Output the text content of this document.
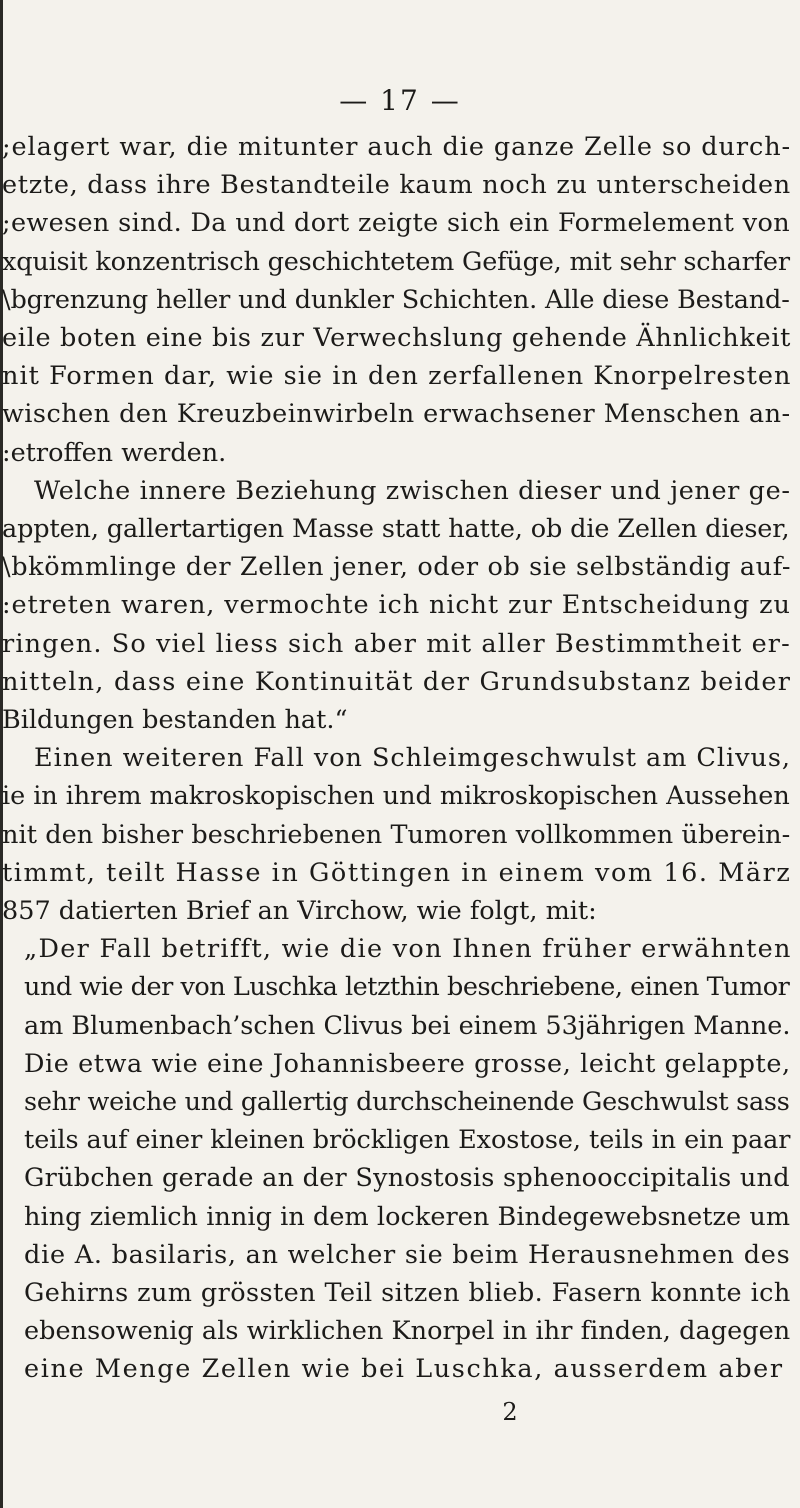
— 17 —
;elagert war, die mitunter auch die ganze Zelle so durch-
etzte, dass ihre Bestandteile kaum noch zu unterscheiden
;ewesen sind. Da und dort zeigte sich ein Formelement von
xquisit konzentrisch geschichtetem Gefüge, mit sehr scharfer
\bgrenzung heller und dunkler Schichten. Alle diese Bestand-
eile boten eine bis zur Verwechslung gehende Ähnlichkeit
nit Formen dar, wie sie in den zerfallenen Knorpelresten
wischen den Kreuzbeinwirbeln erwachsener Menschen an-
:etroffen werden.
Welche innere Beziehung zwischen dieser und jener ge-
appten, gallertartigen Masse statt hatte, ob die Zellen dieser,
\bkömmlinge der Zellen jener, oder ob sie selbständig auf-
:etreten waren, vermochte ich nicht zur Entscheidung zu
ringen. So viel liess sich aber mit aller Bestimmtheit er-
nitteln, dass eine Kontinuität der Grundsubstanz beider
Bildungen bestanden hat.“
Einen weiteren Fall von Schleimgeschwulst am Clivus,
ie in ihrem makroskopischen und mikroskopischen Aussehen
nit den bisher beschriebenen Tumoren vollkommen überein-
timmt, teilt Hasse in Göttingen in einem vom 16. März
857 datierten Brief an Virchow, wie folgt, mit:
„Der Fall betrifft, wie die von Ihnen früher erwähnten
und wie der von Luschka letzthin beschriebene, einen Tumor
am Blumenbach’schen Clivus bei einem 53jährigen Manne.
Die etwa wie eine Johannisbeere grosse, leicht gelappte,
sehr weiche und gallertig durchscheinende Geschwulst sass
teils auf einer kleinen bröckligen Exostose, teils in ein paar
Grübchen gerade an der Synostosis sphenooccipitalis und
hing ziemlich innig in dem lockeren Bindegewebsnetze um
die A. basilaris, an welcher sie beim Herausnehmen des
Gehirns zum grössten Teil sitzen blieb. Fasern konnte ich
ebensowenig als wirklichen Knorpel in ihr finden, dagegen
eine Menge Zellen wie bei Luschka, ausserdem aber
2
